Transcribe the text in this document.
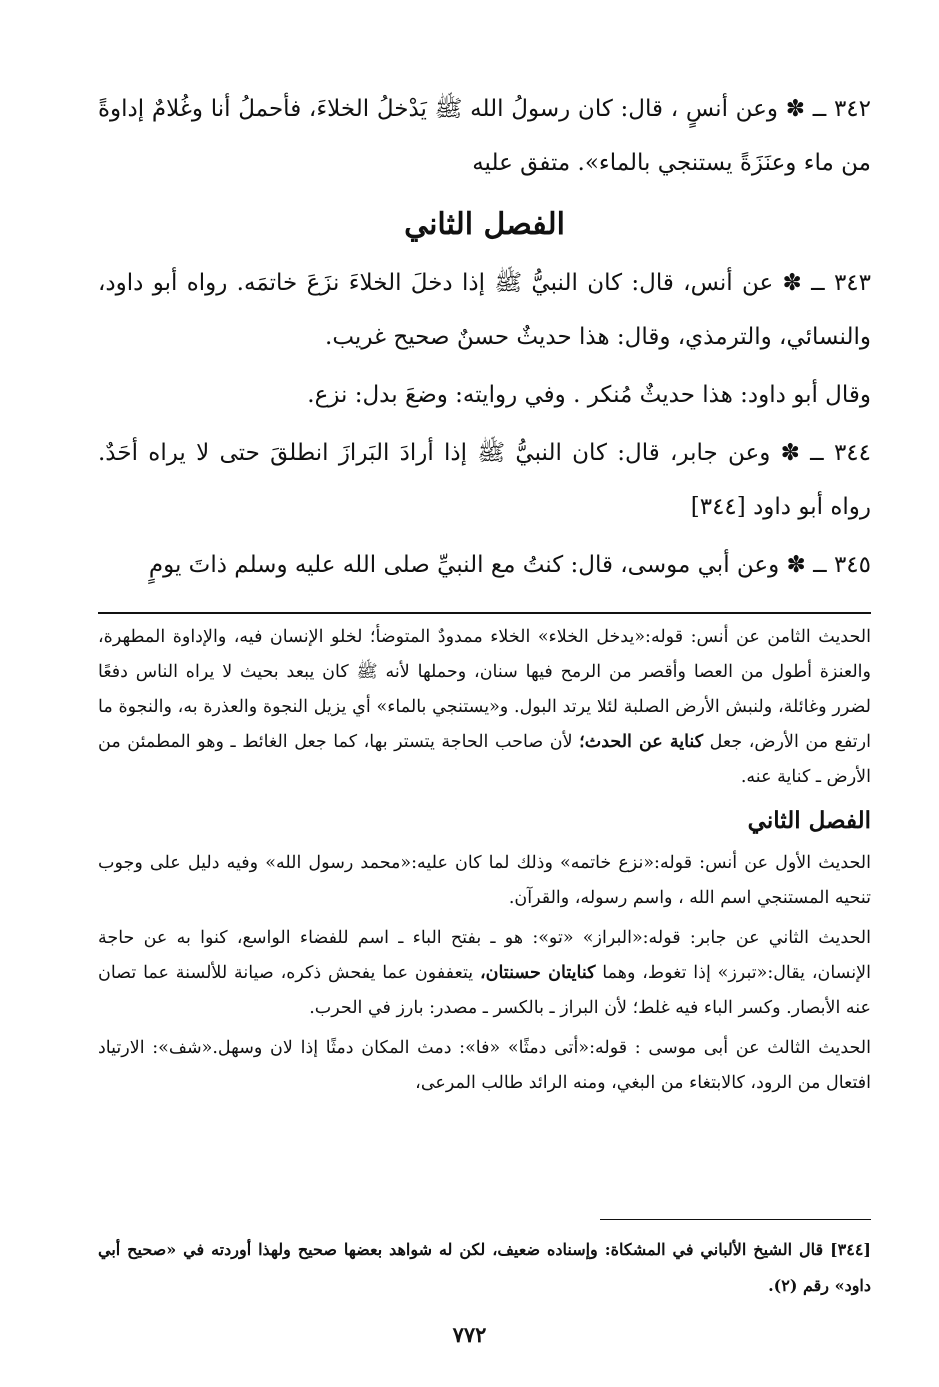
٣٤٢ ــ ✽ وعن أنسٍ ، قال: كان رسولُ الله ﷺ يَدْخلُ الخلاءَ، فأحملُ أنا وغُلامٌ إداوةً من ماء وعنَزَةً يستنجي بالماء». متفق عليه

الفصل الثاني

٣٤٣ ــ ✽ عن أنس، قال: كان النبيُّ ﷺ إذا دخلَ الخلاءَ نزَعَ خاتمَه. رواه أبو داود، والنسائي، والترمذي، وقال: هذا حديثٌ حسنٌ صحيح غريب.

وقال أبو داود: هذا حديثٌ مُنكر . وفي روايته: وضعَ بدل: نزع.

٣٤٤ ــ ✽ وعن جابر، قال: كان النبيُّ ﷺ إذا أرادَ البَرازَ انطلقَ حتى لا يراه أحَدٌ. رواه أبو داود [٣٤٤]

٣٤٥ ــ ✽ وعن أبي موسى، قال: كنتُ مع النبيِّ صلى الله عليه وسلم ذاتَ يومٍ

الحديث الثامن عن أنس: قوله:«يدخل الخلاء» الخلاء ممدودٌ المتوضأ؛ لخلو الإنسان فيه، والإداوة المطهرة، والعنزة أطول من العصا وأقصر من الرمح فيها سنان، وحملها لأنه ﷺ كان يبعد بحيث لا يراه الناس دفعًا لضرر وغائلة، ولنبش الأرض الصلبة لئلا يرتد البول. و«يستنجي بالماء» أي يزيل النجوة والعذرة به، والنجوة ما ارتفع من الأرض، جعل كناية عن الحدث؛ لأن صاحب الحاجة يتستر بها، كما جعل الغائط ـ وهو المطمئن من الأرض ـ كناية عنه.

الفصل الثاني

الحديث الأول عن أنس: قوله:«نزع خاتمه» وذلك لما كان عليه:«محمد رسول الله» وفيه دليل على وجوب تنحيه المستنجي اسم الله ، واسم رسوله، والقرآن.

الحديث الثاني عن جابر: قوله:«البراز» «تو»: هو ـ بفتح الباء ـ اسم للفضاء الواسع، كنوا به عن حاجة الإنسان، يقال:«تبرز» إذا تغوط، وهما كنايتان حسنتان، يتعففون عما يفحش ذكره، صيانة للألسنة عما تصان عنه الأبصار. وكسر الباء فيه غلط؛ لأن البراز ـ بالكسر ـ مصدر: بارز في الحرب.

الحديث الثالث عن أبى موسى : قوله:«أتى دمثًا» «فا»: دمث المكان دمثًا إذا لان وسهل.«شف»: الارتياد افتعال من الرود، كالابتغاء من البغي، ومنه الرائد طالب المرعى،

[٣٤٤] قال الشيخ الألباني في المشكاة: وإسناده ضعيف، لكن له شواهد بعضها صحيح ولهذا أوردته في «صحيح أبي داود» رقم (٢).

٧٧٢
